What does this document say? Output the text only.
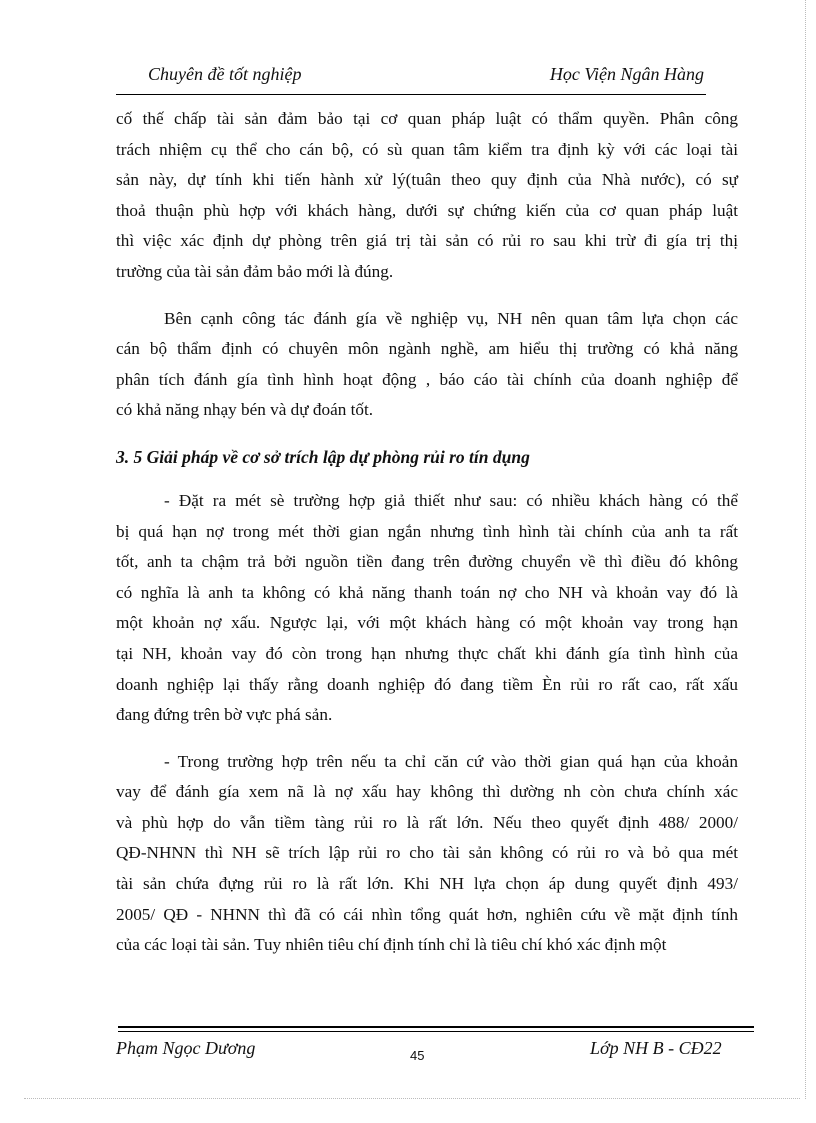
Chuyên đề tốt nghiệp	Học Viện Ngân Hàng
cố thế chấp tài sản đảm bảo tại cơ quan pháp luật có thẩm quyền. Phân công
trách nhiệm cụ thể cho cán bộ, có sù quan tâm kiểm tra định kỳ với các loại tài
sản này, dự tính khi tiến hành xử lý(tuân theo quy định của Nhà nước), có sự
thoả thuận phù hợp với khách hàng, dưới sự chứng kiến của cơ quan pháp luật
thì việc xác định dự phòng trên giá trị tài sản có rủi ro sau khi trừ đi gía trị thị
trường của tài sản đảm bảo mới là đúng.
Bên cạnh công tác đánh gía về nghiệp vụ, NH nên quan tâm lựa chọn các
cán bộ thẩm định có chuyên môn ngành nghề, am hiểu thị trường có khả năng
phân tích đánh gía tình hình hoạt động , báo cáo tài chính của doanh nghiệp để
có khả năng nhạy bén và dự đoán tốt.
3. 5 Giải pháp về cơ sở trích lập dự phòng rủi ro tín dụng
- Đặt ra mét sè trường hợp giả thiết như sau: có nhiều khách hàng có thể
bị quá hạn nợ trong mét thời gian ngắn nhưng tình hình tài chính của anh ta rất
tốt, anh ta chậm trả bởi nguồn tiền đang trên đường chuyển về thì điều đó không
có nghĩa là anh ta không có khả năng thanh toán nợ cho NH và khoản vay đó là
một khoản nợ xấu. Ngược lại, với một khách hàng có một khoản vay trong hạn
tại NH, khoản vay đó còn trong hạn nhưng thực chất khi đánh gía tình hình của
doanh nghiệp lại thấy rằng doanh nghiệp đó đang tiềm Èn rủi ro rất cao, rất xấu
đang đứng trên bờ vực phá sản.
- Trong trường hợp trên nếu ta chỉ căn cứ vào thời gian quá hạn của khoản
vay để đánh gía xem nã là nợ xấu hay không thì dường nh còn chưa chính xác
và phù hợp do vẫn tiềm tàng rủi ro là rất lớn. Nếu theo quyết định 488/ 2000/
QĐ-NHNN thì NH sẽ trích lập rủi ro cho tài sản không có rủi ro và bỏ qua mét
tài sản chứa đựng rủi ro là rất lớn. Khi NH lựa chọn áp dung quyết định 493/
2005/ QĐ - NHNN thì đã có cái nhìn tổng quát hơn, nghiên cứu về mặt định tính
của các loại tài sản. Tuy nhiên tiêu chí định tính chỉ là tiêu chí khó xác định một
Phạm Ngọc Dương	45	Lớp NH B - CĐ22
